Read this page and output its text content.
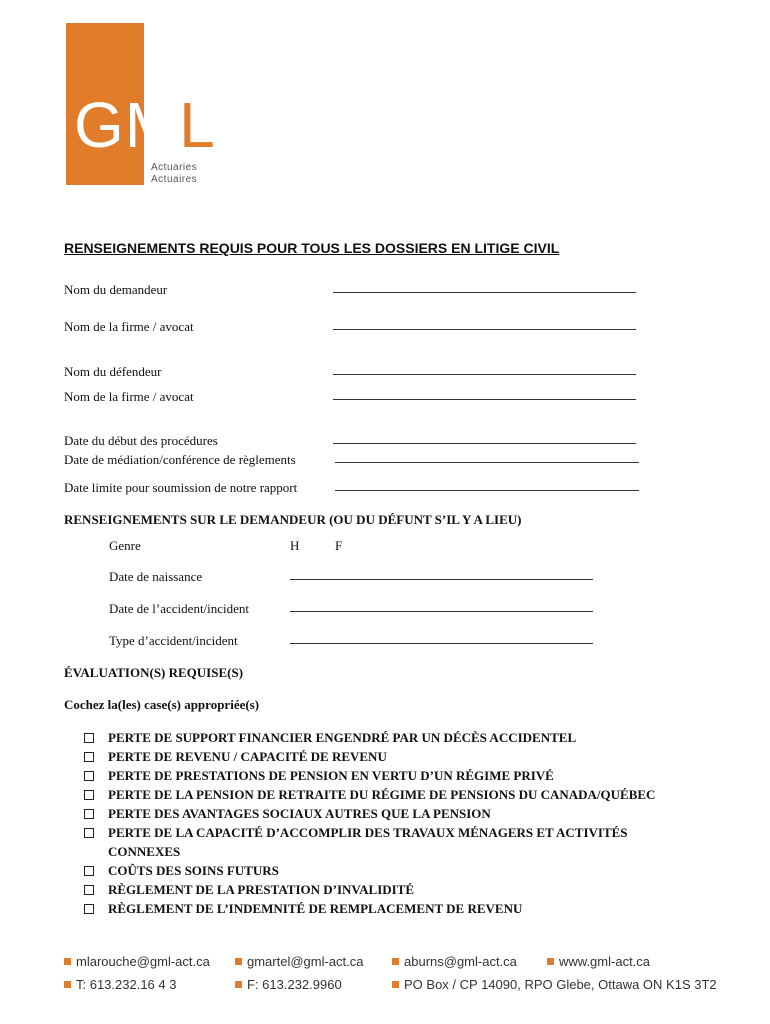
GML
Actuaries
Actuaires
RENSEIGNEMENTS REQUIS POUR TOUS LES DOSSIERS EN LITIGE CIVIL
Nom du demandeur
Nom de la firme / avocat
Nom du défendeur
Nom de la firme / avocat
Date du début des procédures
Date de médiation/conférence de règlements
Date limite pour soumission de notre rapport
RENSEIGNEMENTS SUR LE DEMANDEUR (OU DU DÉFUNT S’IL Y A LIEU)
Genre	H	F
Date de naissance
Date de l’accident/incident
Type d’accident/incident
ÉVALUATION(S) REQUISE(S)
Cochez la(les) case(s) appropriée(s)
PERTE DE SUPPORT FINANCIER ENGENDRÉ PAR UN DÉCÈS ACCIDENTEL
PERTE DE REVENU / CAPACITÉ DE REVENU
PERTE DE PRESTATIONS DE PENSION EN VERTU D’UN RÉGIME PRIVÉ
PERTE DE LA PENSION DE RETRAITE DU RÉGIME DE PENSIONS DU CANADA/QUÉBEC
PERTE DES AVANTAGES SOCIAUX AUTRES QUE LA PENSION
PERTE DE LA CAPACITÉ D’ACCOMPLIR DES TRAVAUX MÉNAGERS ET ACTIVITÉS CONNEXES
COÛTS DES SOINS FUTURS
RÈGLEMENT DE LA PRESTATION D’INVALIDITÉ
RÈGLEMENT DE L’INDEMNITÉ DE REMPLACEMENT DE REVENU
mlarouche@gml-act.ca	gmartel@gml-act.ca	aburns@gml-act.ca	www.gml-act.ca
T: 613.232.16 4 3	F: 613.232.9960	PO Box / CP 14090, RPO Glebe, Ottawa ON K1S 3T2
